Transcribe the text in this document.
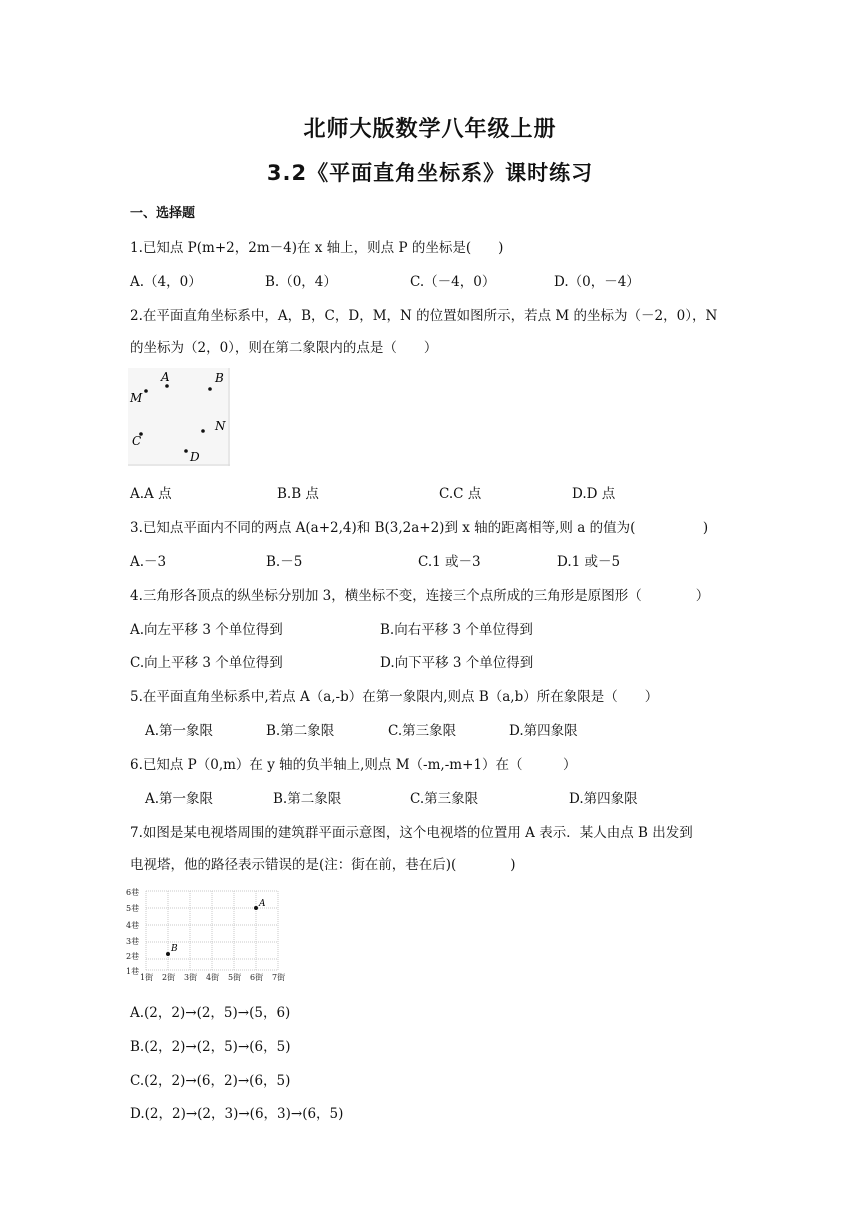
北师大版数学八年级上册
3.2《平面直角坐标系》课时练习
一、选择题
1.已知点 P(m+2，2m－4)在 x 轴上，则点 P 的坐标是(　　)
A.（4，0）	B.（0，4）	C.（－4，0）	D.（0，－4）
2.在平面直角坐标系中，A，B，C，D，M，N 的位置如图所示，若点 M 的坐标为（－2，0），N
的坐标为（2，0），则在第二象限内的点是（　　）
A	B
M
N
C
D
A.A 点	B.B 点	C.C 点	D.D 点
3.已知点平面内不同的两点 A(a+2,4)和 B(3,2a+2)到 x 轴的距离相等,则 a 的值为(　　　　　)
A.－3	B.－5	C.1 或－3	D.1 或－5
4.三角形各顶点的纵坐标分别加 3，横坐标不变，连接三个点所成的三角形是原图形（　　　　）
A.向左平移 3 个单位得到	B.向右平移 3 个单位得到
C.向上平移 3 个单位得到	D.向下平移 3 个单位得到
5.在平面直角坐标系中,若点 A（a,-b）在第一象限内,则点 B（a,b）所在象限是（　　）
A.第一象限	B.第二象限	C.第三象限	D.第四象限
6.已知点 P（0,m）在 y 轴的负半轴上,则点 M（-m,-m+1）在（　　　）
A.第一象限	B.第二象限	C.第三象限	D.第四象限
7.如图是某电视塔周围的建筑群平面示意图，这个电视塔的位置用 A 表示．某人由点 B 出发到
电视塔，他的路径表示错误的是(注：街在前，巷在后)(　　　　)
6巷
5巷
4巷
3巷
2巷
1巷
1街 2街 3街 4街 5街 6街 7街
A
B
A.(2，2)→(2，5)→(5，6)
B.(2，2)→(2，5)→(6，5)
C.(2，2)→(6，2)→(6，5)
D.(2，2)→(2，3)→(6，3)→(6，5)
